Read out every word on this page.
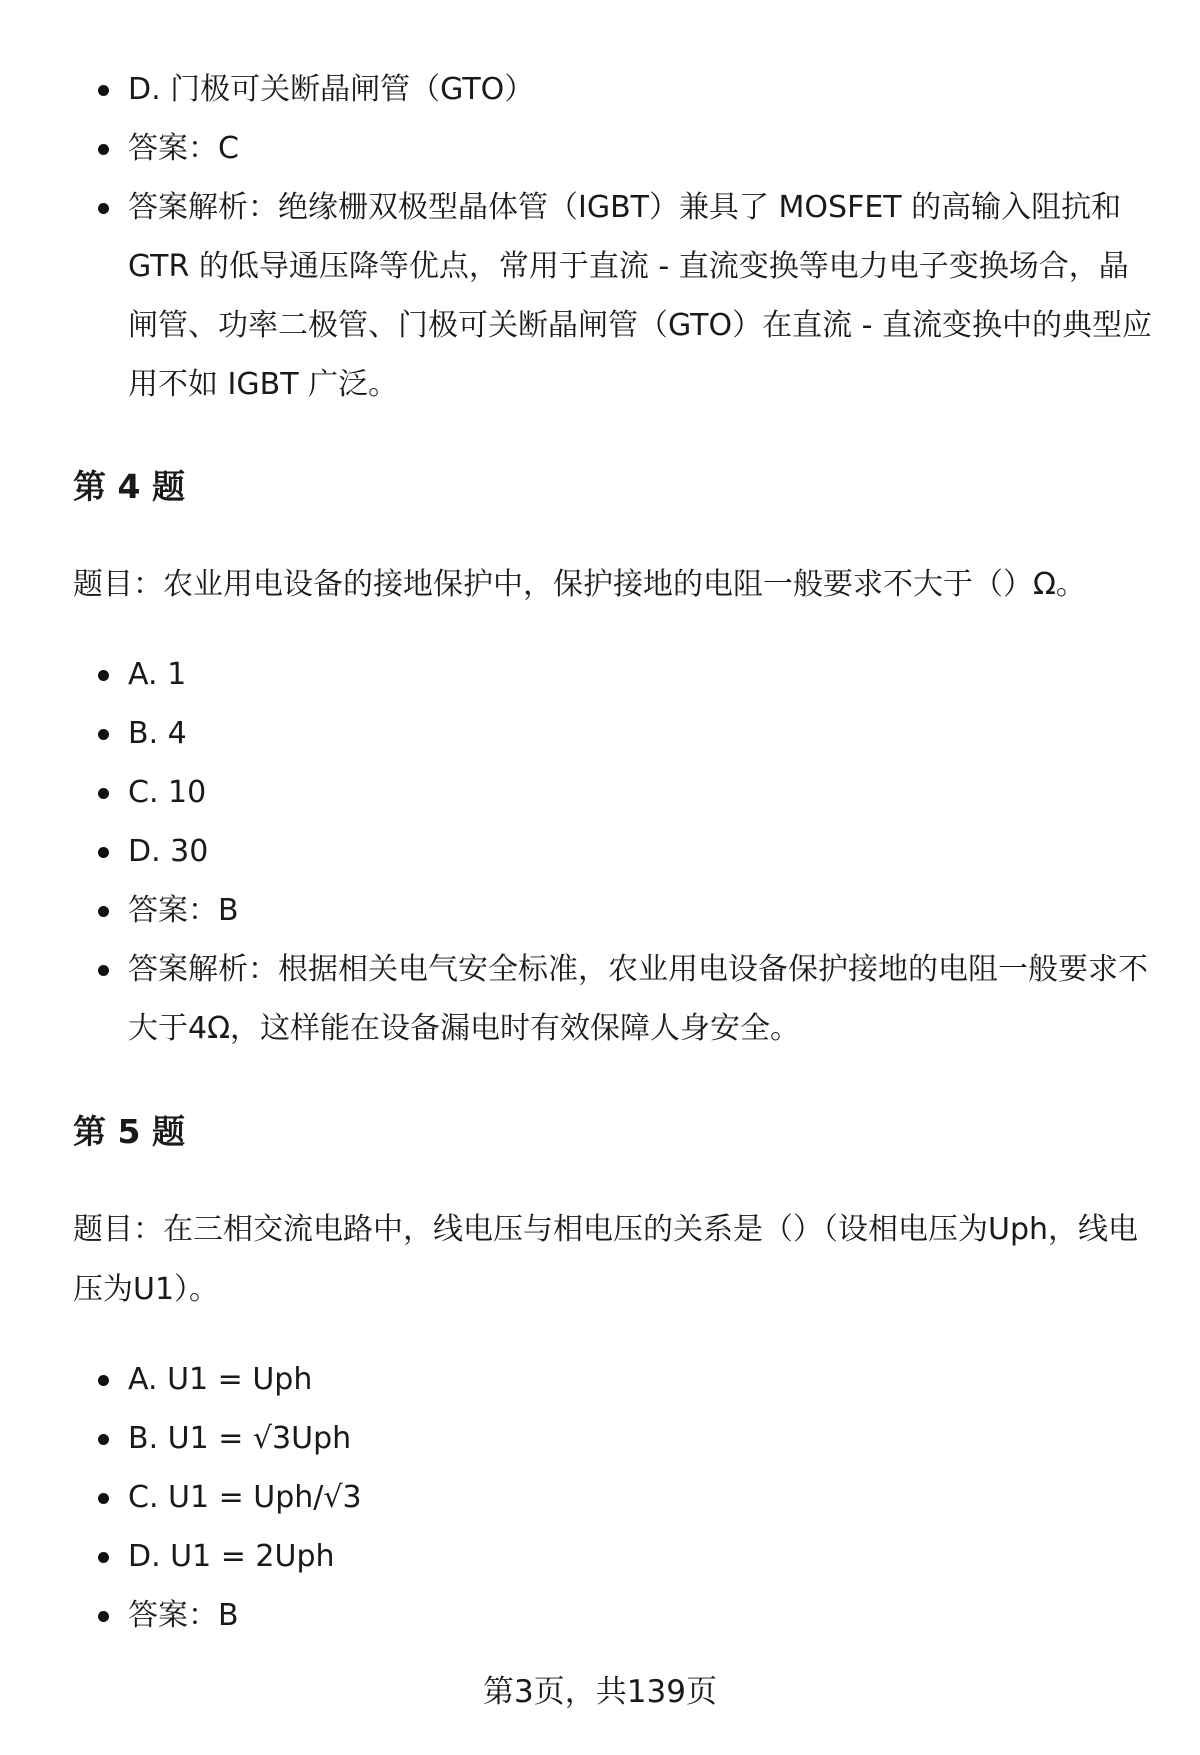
D. 门极可关断晶闸管（GTO）
答案：C
答案解析：绝缘栅双极型晶体管（IGBT）兼具了 MOSFET 的高输入阻抗和 GTR 的低导通压降等优点，常用于直流 - 直流变换等电力电子变换场合，晶闸管、功率二极管、门极可关断晶闸管（GTO）在直流 - 直流变换中的典型应用不如 IGBT 广泛。
第 4 题

题目：农业用电设备的接地保护中，保护接地的电阻一般要求不大于（）Ω。

A. 1
B. 4
C. 10
D. 30
答案：B
答案解析：根据相关电气安全标准，农业用电设备保护接地的电阻一般要求不大于4Ω，这样能在设备漏电时有效保障人身安全。
第 5 题

题目：在三相交流电路中，线电压与相电压的关系是（）（设相电压为Uph，线电压为U1）。

A. U1 = Uph
B. U1 = √3Uph
C. U1 = Uph/√3
D. U1 = 2Uph
答案：B
第3页，共139页
